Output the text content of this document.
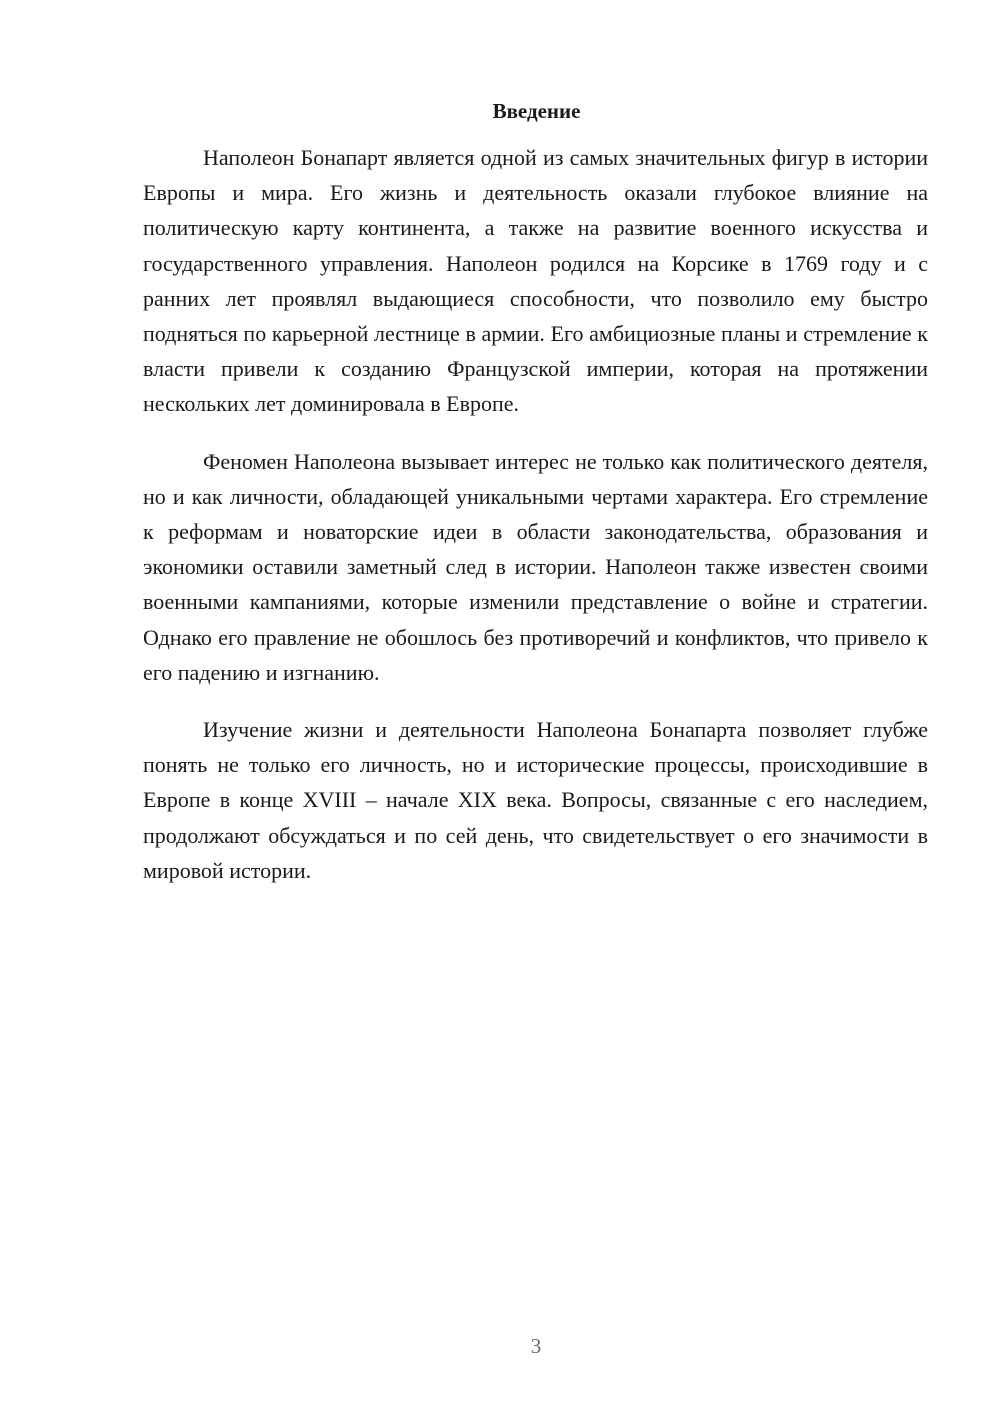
Введение

Наполеон Бонапарт является одной из самых значительных фигур в истории Европы и мира. Его жизнь и деятельность оказали глубокое влияние на политическую карту континента, а также на развитие военного искусства и государственного управления. Наполеон родился на Корсике в 1769 году и с ранних лет проявлял выдающиеся способности, что позволило ему быстро подняться по карьерной лестнице в армии. Его амбициозные планы и стремление к власти привели к созданию Французской империи, которая на протяжении нескольких лет доминировала в Европе.

Феномен Наполеона вызывает интерес не только как политического деятеля, но и как личности, обладающей уникальными чертами характера. Его стремление к реформам и новаторские идеи в области законодательства, образования и экономики оставили заметный след в истории. Наполеон также известен своими военными кампаниями, которые изменили представление о войне и стратегии. Однако его правление не обошлось без противоречий и конфликтов, что привело к его падению и изгнанию.

Изучение жизни и деятельности Наполеона Бонапарта позволяет глубже понять не только его личность, но и исторические процессы, происходившие в Европе в конце XVIII – начале XIX века. Вопросы, связанные с его наследием, продолжают обсуждаться и по сей день, что свидетельствует о его значимости в мировой истории.

3
